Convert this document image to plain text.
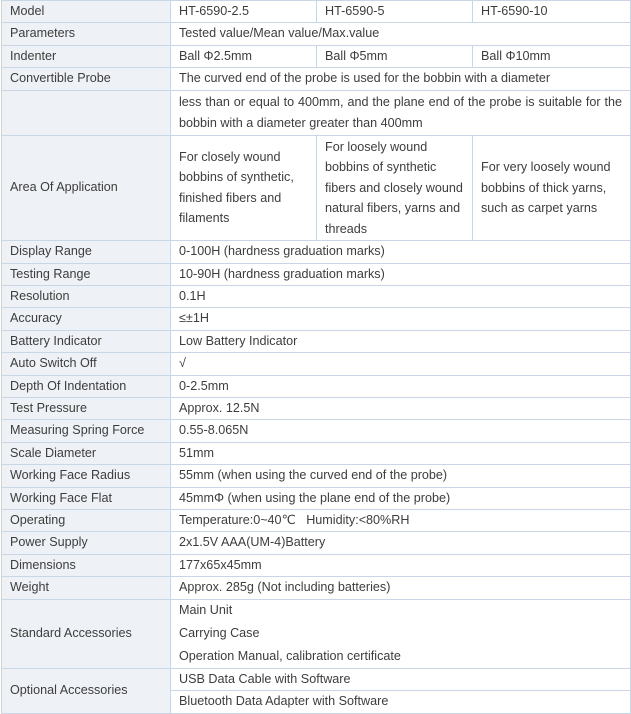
Model	HT-6590-2.5	HT-6590-5	HT-6590-10
Parameters	Tested value/Mean value/Max.value		
Indenter	Ball Φ2.5mm	Ball Φ5mm	Ball Φ10mm
Convertible Probe	The curved end of the probe is used for the bobbin with a diameter		
	less than or equal to 400mm, and the plane end of the probe is suitable for the bobbin with a diameter greater than 400mm		
Area Of Application	For closely wound bobbins of synthetic, finished fibers and filaments	For loosely wound bobbins of synthetic fibers and closely wound natural fibers, yarns and threads	For very loosely wound bobbins of thick yarns, such as carpet yarns
Display Range	0-100H (hardness graduation marks)		
Testing Range	10-90H (hardness graduation marks)		
Resolution	0.1H		
Accuracy	≤±1H		
Battery Indicator	Low Battery Indicator		
Auto Switch Off	√		
Depth Of Indentation	0-2.5mm		
Test Pressure	Approx. 12.5N		
Measuring Spring Force	0.55-8.065N		
Scale Diameter	51mm		
Working Face Radius	55mm (when using the curved end of the probe)		
Working Face Flat	45mmΦ (when using the plane end of the probe)		
Operating	Temperature:0~40℃   Humidity:<80%RH		
Power Supply	2x1.5V AAA(UM-4)Battery		
Dimensions	177x65x45mm		
Weight	Approx. 285g (Not including batteries)		
Standard Accessories	Main Unit		
	Carrying Case		
	Operation Manual, calibration certificate		
Optional Accessories	USB Data Cable with Software		
	Bluetooth Data Adapter with Software		
